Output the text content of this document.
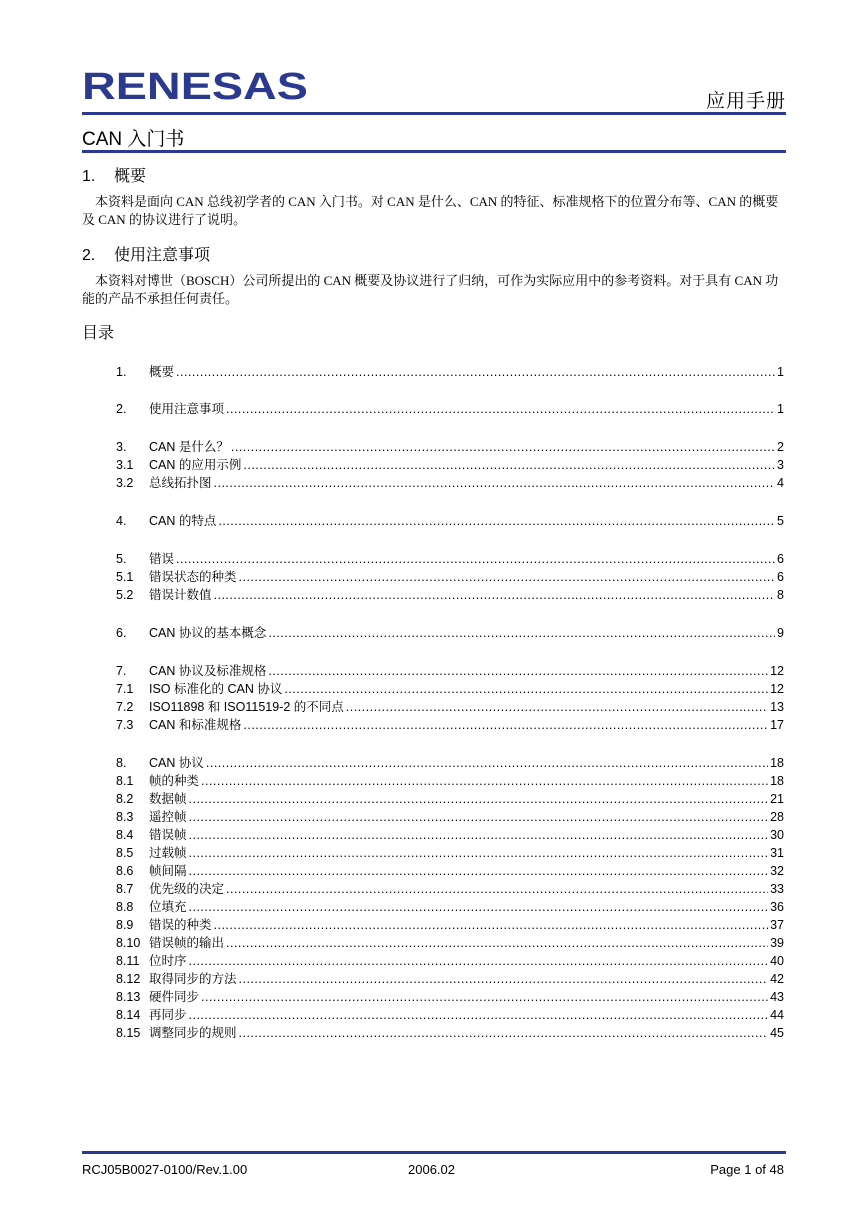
RENESAS	应用手册
CAN 入门书
1. 概要
本资料是面向 CAN 总线初学者的 CAN 入门书。对 CAN 是什么、CAN 的特征、标准规格下的位置分布等、CAN 的概要及 CAN 的协议进行了说明。
2. 使用注意事项
本资料对博世（BOSCH）公司所提出的 CAN 概要及协议进行了归纳，可作为实际应用中的参考资料。对于具有 CAN 功能的产品不承担任何责任。
目录
1.	概要 .....	1
2.	使用注意事项 .....	1
3.	CAN 是什么？ .....	2
3.1	CAN 的应用示例 .....	3
3.2	总线拓扑图 .....	4
4.	CAN 的特点 .....	5
5.	错误 .....	6
5.1	错误状态的种类 .....	6
5.2	错误计数值 .....	8
6.	CAN 协议的基本概念 .....	9
7.	CAN 协议及标准规格 .....	12
7.1	ISO 标准化的 CAN 协议 .....	12
7.2	ISO11898 和 ISO11519-2 的不同点 .....	13
7.3	CAN 和标准规格 .....	17
8.	CAN 协议 .....	18
8.1	帧的种类 .....	18
8.2	数据帧 .....	21
8.3	遥控帧 .....	28
8.4	错误帧 .....	30
8.5	过载帧 .....	31
8.6	帧间隔 .....	32
8.7	优先级的决定 .....	33
8.8	位填充 .....	36
8.9	错误的种类 .....	37
8.10 错误帧的输出 .....	39
8.11 位时序 .....	40
8.12 取得同步的方法 .....	42
8.13 硬件同步 .....	43
8.14 再同步 .....	44
8.15 调整同步的规则 .....	45
RCJ05B0027-0100/Rev.1.00	2006.02	Page 1 of 48
